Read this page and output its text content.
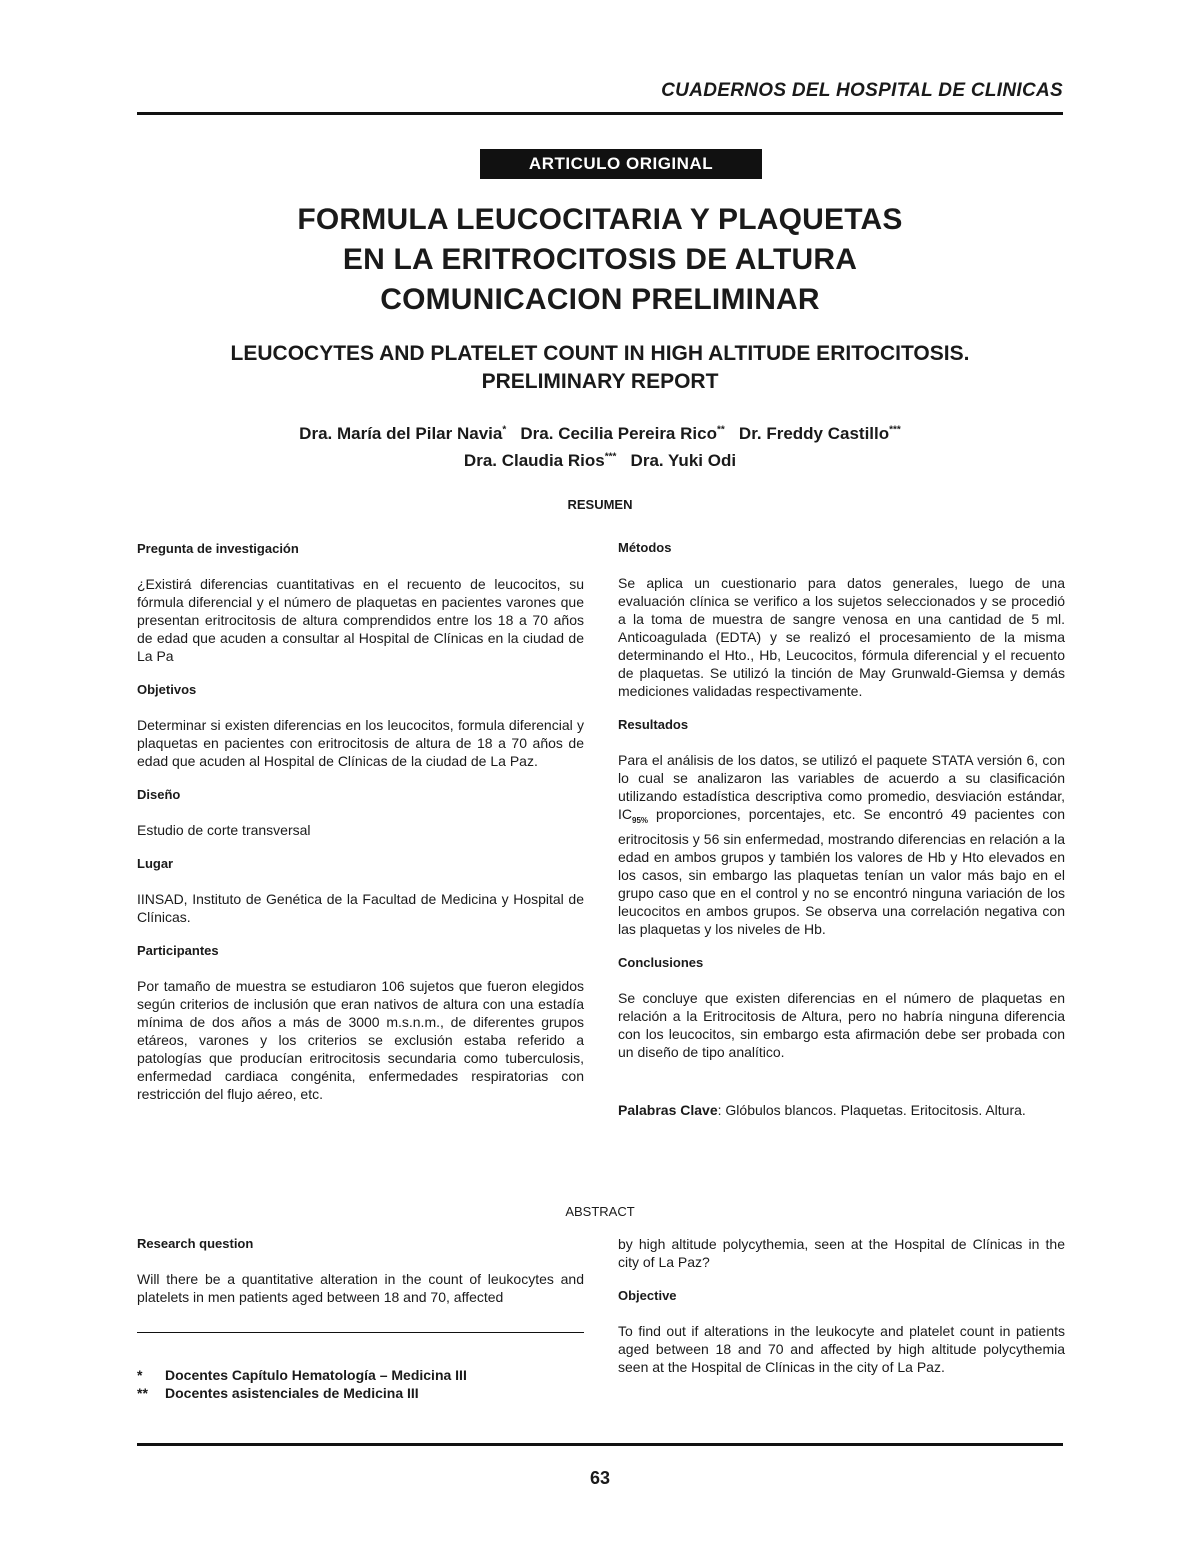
CUADERNOS DEL HOSPITAL DE CLINICAS
ARTICULO ORIGINAL
FORMULA LEUCOCITARIA Y PLAQUETAS
EN LA ERITROCITOSIS DE ALTURA
COMUNICACION PRELIMINAR
LEUCOCYTES AND PLATELET COUNT IN HIGH ALTITUDE ERITOCITOSIS.
PRELIMINARY REPORT
Dra. María del Pilar Navia* Dra. Cecilia Pereira Rico** Dr. Freddy Castillo***
Dra. Claudia Rios*** Dra. Yuki Odi
RESUMEN
Pregunta de investigación

¿Existirá diferencias cuantitativas en el recuento de leucocitos, su fórmula diferencial y el número de plaquetas en pacientes varones que presentan eritrocitosis de altura comprendidos entre los 18 a 70 años de edad que acuden a consultar al Hospital de Clínicas en la ciudad de La Pa

Objetivos

Determinar si existen diferencias en los leucocitos, formula diferencial y plaquetas en pacientes con eritrocitosis de altura de 18 a 70 años de edad que acuden al Hospital de Clínicas de la ciudad de La Paz.

Diseño

Estudio de corte transversal

Lugar

IINSAD, Instituto de Genética de la Facultad de Medicina y Hospital de Clínicas.

Participantes

Por tamaño de muestra se estudiaron 106 sujetos que fueron elegidos según criterios de inclusión que eran nativos de altura con una estadía mínima de dos años a más de 3000 m.s.n.m., de diferentes grupos etáreos, varones y los criterios se exclusión estaba referido a patologías que producían eritrocitosis secundaria como tuberculosis, enfermedad cardiaca congénita, enfermedades respiratorias con restricción del flujo aéreo, etc.

Métodos

Se aplica un cuestionario para datos generales, luego de una evaluación clínica se verifico a los sujetos seleccionados y se procedió a la toma de muestra de sangre venosa en una cantidad de 5 ml. Anticoagulada (EDTA) y se realizó el procesamiento de la misma determinando el Hto., Hb, Leucocitos, fórmula diferencial y el recuento de plaquetas. Se utilizó la tinción de May Grunwald-Giemsa y demás mediciones validadas respectivamente.

Resultados

Para el análisis de los datos, se utilizó el paquete STATA versión 6, con lo cual se analizaron las variables de acuerdo a su clasificación utilizando estadística descriptiva como promedio, desviación estándar, $IC_{95\%}$ proporciones, porcentajes, etc. Se encontró 49 pacientes con eritrocitosis y 56 sin enfermedad, mostrando diferencias en relación a la edad en ambos grupos y también los valores de Hb y Hto elevados en los casos, sin embargo las plaquetas tenían un valor más bajo en el grupo caso que en el control y no se encontró ninguna variación de los leucocitos en ambos grupos. Se observa una correlación negativa con las plaquetas y los niveles de Hb.

Conclusiones

Se concluye que existen diferencias en el número de plaquetas en relación a la Eritrocitosis de Altura, pero no habría ninguna diferencia con los leucocitos, sin embargo esta afirmación debe ser probada con un diseño de tipo analítico.

Palabras Clave: Glóbulos blancos. Plaquetas. Eritocitosis. Altura.

ABSTRACT
Research question

Will there be a quantitative alteration in the count of leukocytes and platelets in men patients aged between 18 and 70, affected

by high altitude polycythemia, seen at the Hospital de Clínicas in the city of La Paz?

Objective

To find out if alterations in the leukocyte and platelet count in patients aged between 18 and 70 and affected by high altitude polycythemia seen at the Hospital de Clínicas in the city of La Paz.

*	Docentes Capítulo Hematología – Medicina III
**	Docentes asistenciales de Medicina III
63
